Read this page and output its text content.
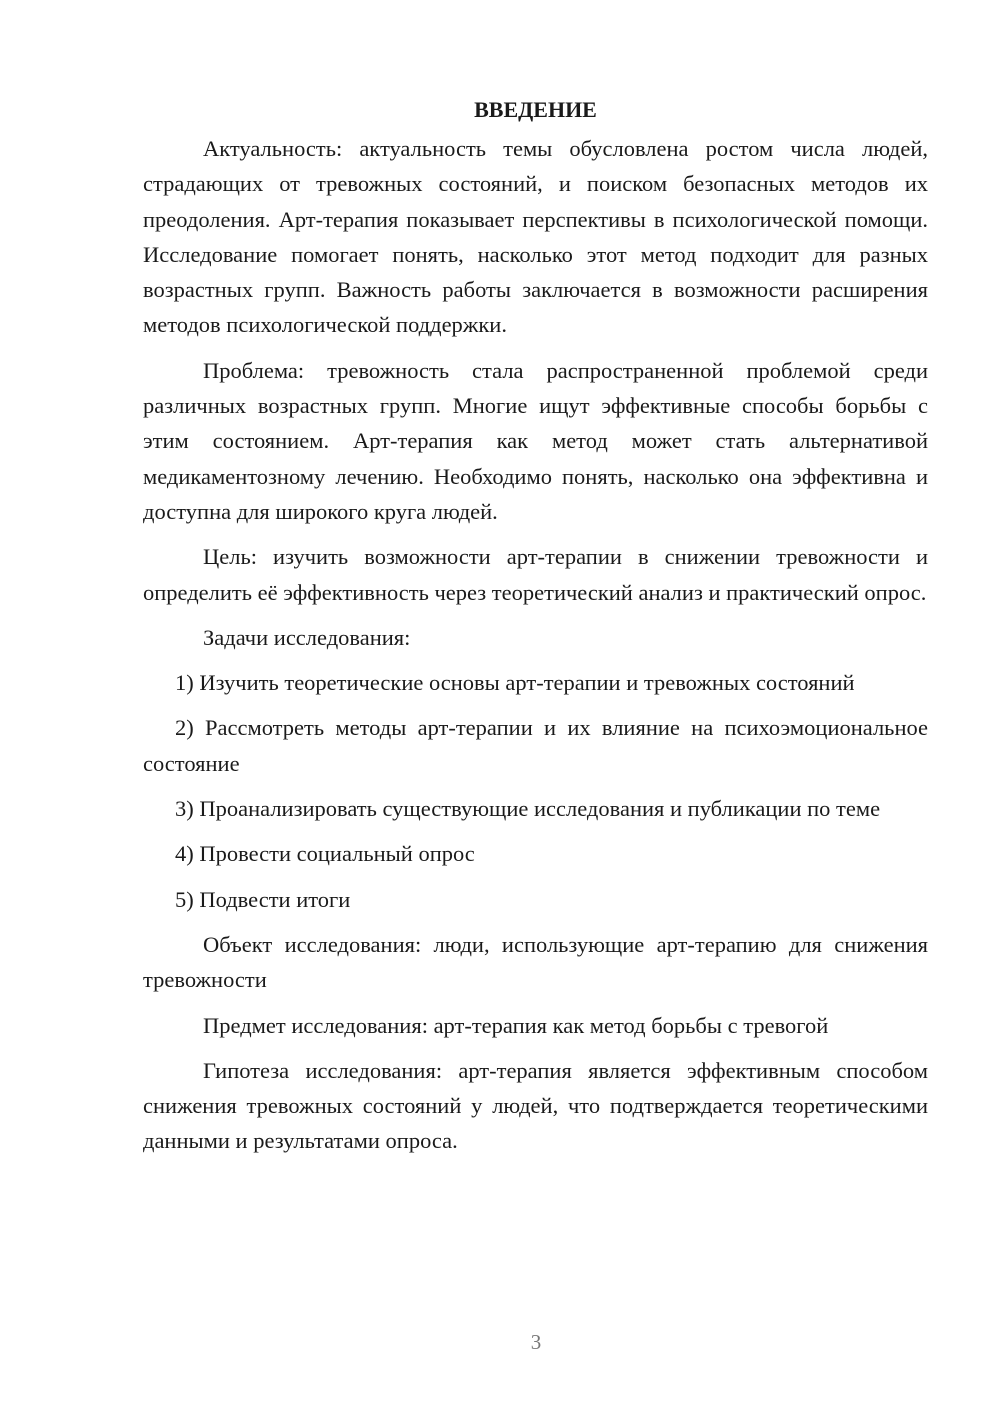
ВВЕДЕНИЕ

Актуальность: актуальность темы обусловлена ростом числа людей, страдающих от тревожных состояний, и поиском безопасных методов их преодоления. Арт-терапия показывает перспективы в психологической помощи. Исследование помогает понять, насколько этот метод подходит для разных возрастных групп. Важность работы заключается в возможности расширения методов психологической поддержки.

Проблема: тревожность стала распространенной проблемой среди различных возрастных групп. Многие ищут эффективные способы борьбы с этим состоянием. Арт-терапия как метод может стать альтернативой медикаментозному лечению. Необходимо понять, насколько она эффективна и доступна для широкого круга людей.

Цель: изучить возможности арт-терапии в снижении тревожности и определить её эффективность через теоретический анализ и практический опрос.

Задачи исследования:

1) Изучить теоретические основы арт-терапии и тревожных состояний

2) Рассмотреть методы арт-терапии и их влияние на психоэмоциональное состояние

3) Проанализировать существующие исследования и публикации по теме

4) Провести социальный опрос

5) Подвести итоги

Объект исследования: люди, использующие арт-терапию для снижения тревожности

Предмет исследования: арт-терапия как метод борьбы с тревогой

Гипотеза исследования: арт-терапия является эффективным способом снижения тревожных состояний у людей, что подтверждается теоретическими данными и результатами опроса.

3
